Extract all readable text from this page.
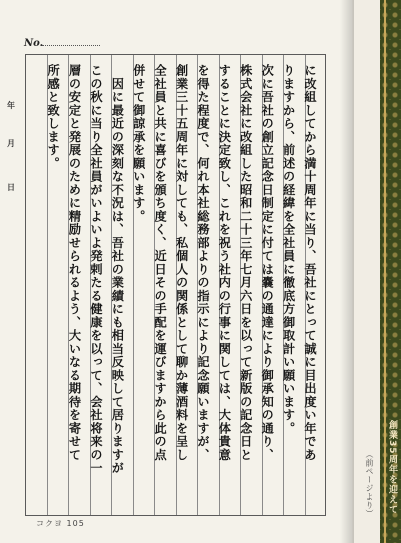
No.

に改組してから満十周年に当り、吾社にとって誠に目出度い年であ

りますから、前述の経緯を全社員に徹底方御取計い願います。

次に吾社の創立記念日制定に付ては嚢の通達により御承知の通り、

株式会社に改組した昭和二十三年七月六日を以って新版の記念日と

することに決定致し、これを祝う社内の行事に関しては、大体貴意

を得た程度で、何れ本社総務部よりの指示により記念願いますが、

創業三十五周年に対しても、私個人の関係として聊か薄酒料を呈し

全社員と共に喜びを頒ち度く、近日その手配を運びますから此の点

併せて御諒承を願います。

　因に最近の深刻な不況は、吾社の業績にも相当反映して居りますが

この秋に当り全社員がいよいよ発剌たる健康を以って、会社将来の一

層の安定と発展のために精励せられるよう、大いなる期待を寄せて

所感と致します。

年
月
日
コクヨ 105
（前ページより）	創業35周年を迎えて
